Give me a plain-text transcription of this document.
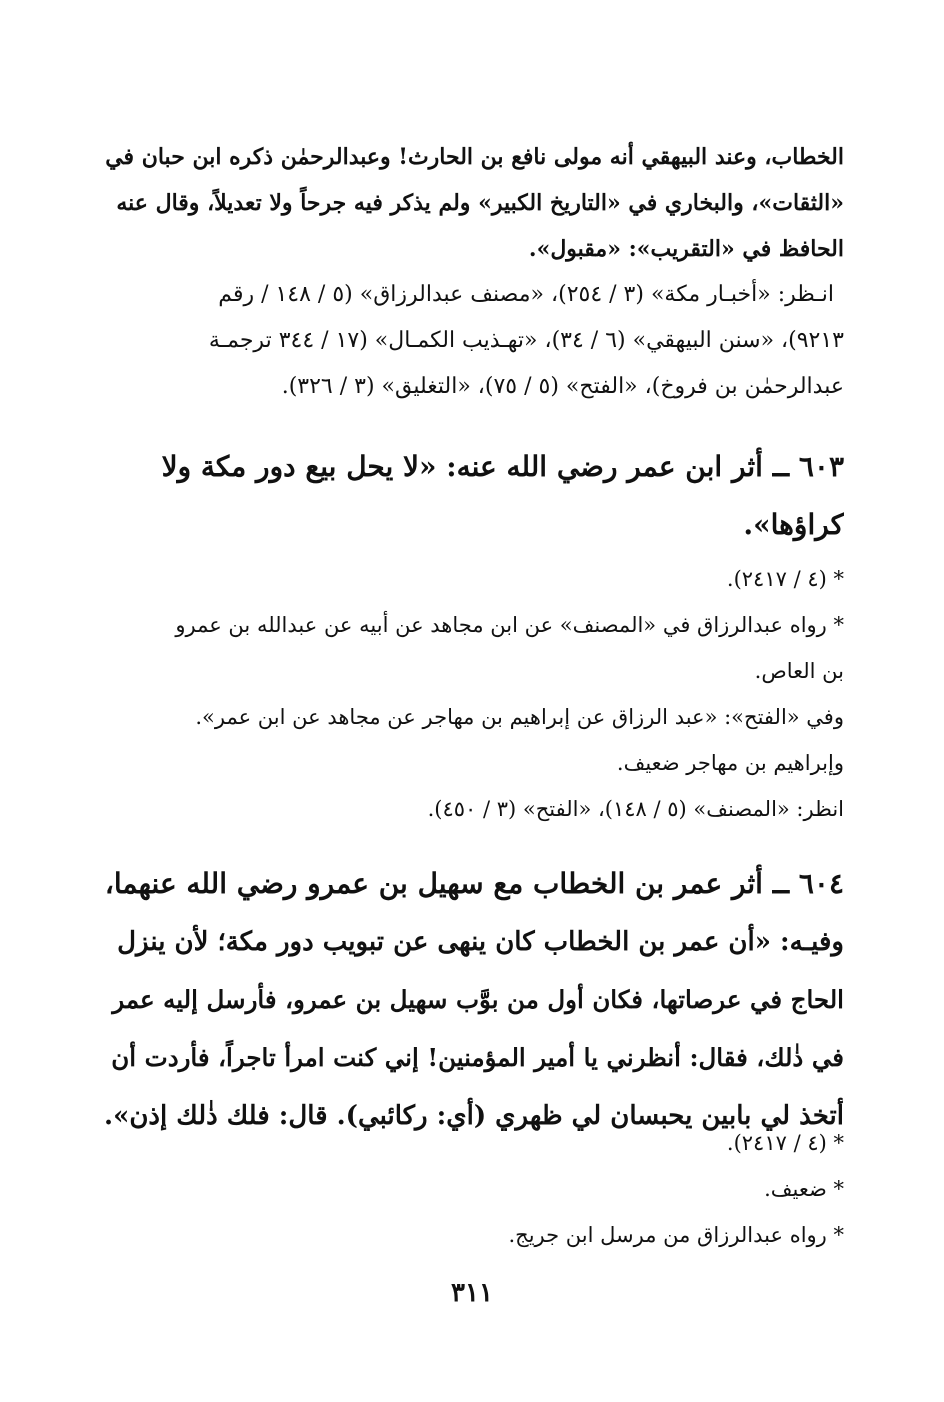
الخطاب، وعند البيهقي أنه مولى نافع بن الحارث! وعبدالرحمٰن ذكره ابن حبان في
«الثقات»، والبخاري في «التاريخ الكبير» ولم يذكر فيه جرحاً ولا تعديلاً، وقال عنه
الحافظ في «التقريب»: «مقبول».
انـظر: «أخبـار مكة» (٣ / ٢٥٤)، «مصنف عبدالرزاق» (٥ / ١٤٨ / رقم
٩٢١٣)، «سنن البيهقي» (٦ / ٣٤)، «تهـذيب الكمـال» (١٧ / ٣٤٤ ترجمـة
عبدالرحمٰن بن فروخ)، «الفتح» (٥ / ٧٥)، «التغليق» (٣ / ٣٢٦).
٦٠٣ ــ أثر ابن عمر رضي الله عنه: «لا يحل بيع دور مكة ولا
كراؤها».
* (٤ / ٢٤١٧).
* رواه عبدالرزاق في «المصنف» عن ابن مجاهد عن أبيه عن عبدالله بن عمرو
بن العاص.
وفي «الفتح»: «عبد الرزاق عن إبراهيم بن مهاجر عن مجاهد عن ابن عمر».
وإبراهيم بن مهاجر ضعيف.
انظر: «المصنف» (٥ / ١٤٨)، «الفتح» (٣ / ٤٥٠).
٦٠٤ ــ أثر عمر بن الخطاب مع سهيل بن عمرو رضي الله عنهما،
وفيـه: «أن عمر بن الخطاب كان ينهى عن تبويب دور مكة؛ لأن ينزل
الحاج في عرصاتها، فكان أول من بوَّب سهيل بن عمرو، فأرسل إليه عمر
في ذٰلك، فقال: أنظرني يا أمير المؤمنين! إني كنت امرأ تاجراً، فأردت أن
أتخذ لي بابين يحبسان لي ظهري (أي: ركائبي). قال: فلك ذٰلك إذن».
* (٤ / ٢٤١٧).
* ضعيف.
* رواه عبدالرزاق من مرسل ابن جريج.
٣١١
